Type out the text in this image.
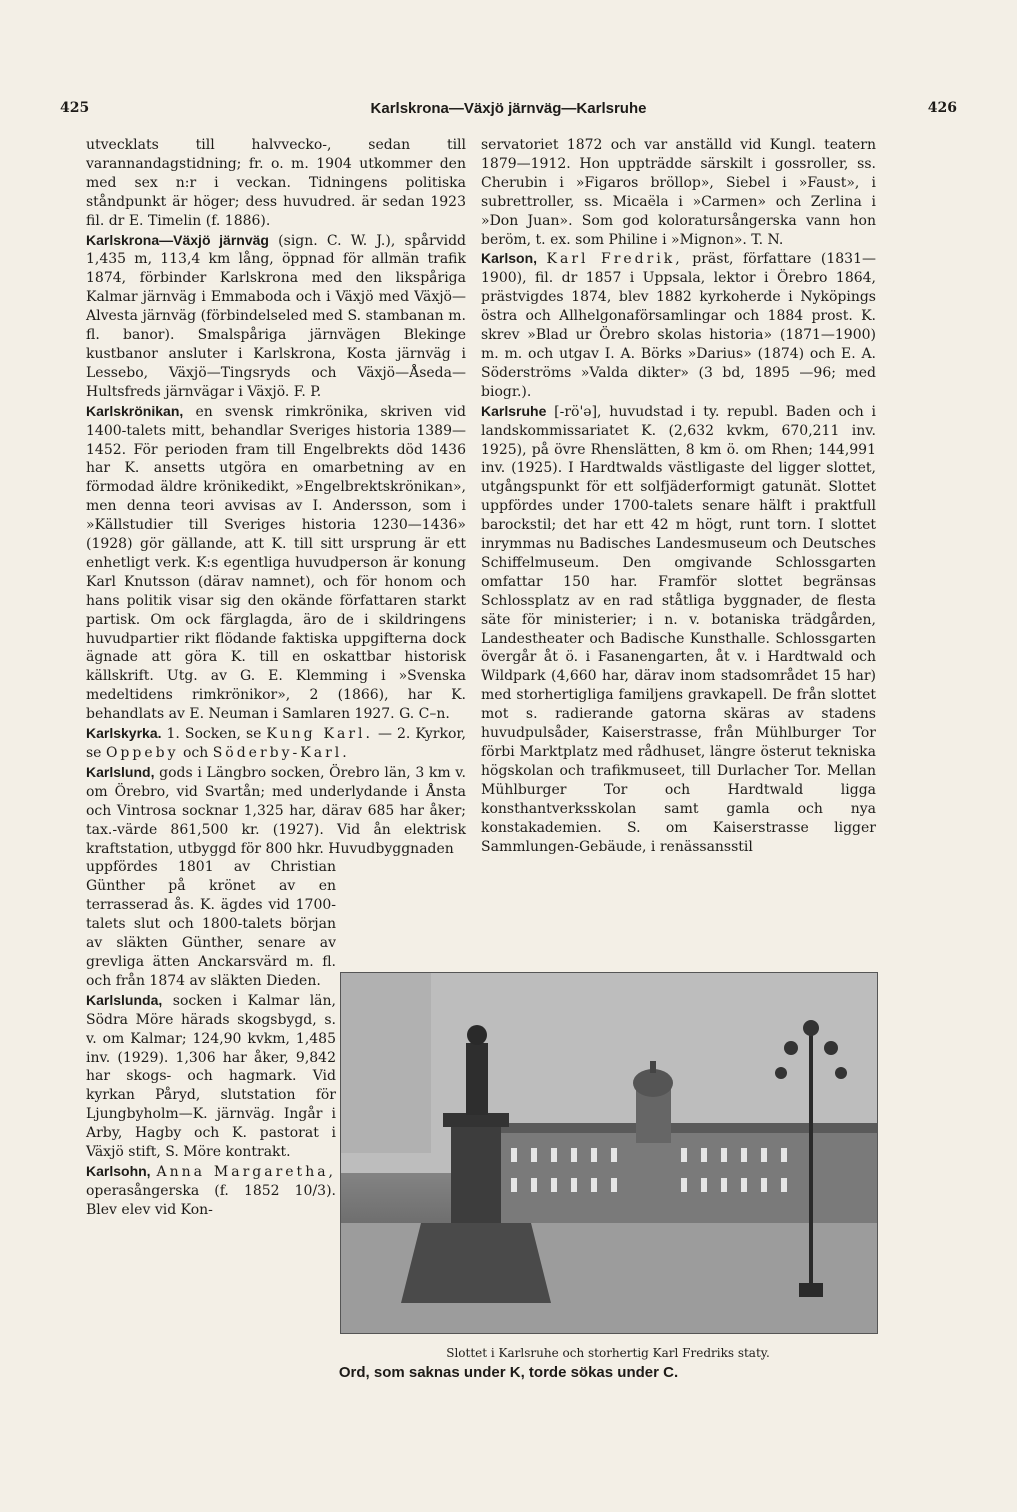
425	Karlskrona—Växjö järnväg—Karlsruhe	426

utvecklats till halvvecko-, sedan till varannandagstidning; fr. o. m. 1904 utkommer den med sex n:r i veckan. Tidningens politiska ståndpunkt är höger; dess huvudred. är sedan 1923 fil. dr E. Timelin (f. 1886).

Karlskrona—Växjö järnväg (sign. C. W. J.), spårvidd 1,435 m, 113,4 km lång, öppnad för allmän trafik 1874, förbinder Karlskrona med den likspåriga Kalmar järnväg i Emmaboda och i Växjö med Växjö—Alvesta järnväg (förbindelseled med S. stambanan m. fl. banor). Smalspåriga järnvägen Blekinge kustbanor ansluter i Karlskrona, Kosta järnväg i Lessebo, Växjö—Tingsryds och Växjö—Åseda—Hultsfreds järnvägar i Växjö. F. P.

Karlskrönikan, en svensk rimkrönika, skriven vid 1400-talets mitt, behandlar Sveriges historia 1389—1452. För perioden fram till Engelbrekts död 1436 har K. ansetts utgöra en omarbetning av en förmodad äldre krönikedikt, »Engelbrektskrönikan», men denna teori avvisas av I. Andersson, som i »Källstudier till Sveriges historia 1230—1436» (1928) gör gällande, att K. till sitt ursprung är ett enhetligt verk. K:s egentliga huvudperson är konung Karl Knutsson (därav namnet), och för honom och hans politik visar sig den okände författaren starkt partisk. Om ock färglagda, äro de i skildringens huvudpartier rikt flödande faktiska uppgifterna dock ägnade att göra K. till en oskattbar historisk källskrift. Utg. av G. E. Klemming i »Svenska medeltidens rimkrönikor», 2 (1866), har K. behandlats av E. Neuman i Samlaren 1927. G. C–n.

Karlskyrka. 1. Socken, se Kung Karl. — 2. Kyrkor, se Oppeby och Söderby-Karl.

Karlslund, gods i Längbro socken, Örebro län, 3 km v. om Örebro, vid Svartån; med underlydande i Ånsta och Vintrosa socknar 1,325 har, därav 685 har åker; tax.-värde 861,500 kr. (1927). Vid ån elektrisk kraftstation, utbyggd för 800 hkr. Huvudbyggnaden

uppfördes 1801 av Christian Günther på krönet av en terrasserad ås. K. ägdes vid 1700-talets slut och 1800-talets början av släkten Günther, senare av grevliga ätten Anckarsvärd m. fl. och från 1874 av släkten Dieden.

Karlslunda, socken i Kalmar län, Södra Möre härads skogsbygd, s. v. om Kalmar; 124,90 kvkm, 1,485 inv. (1929). 1,306 har åker, 9,842 har skogs- och hagmark. Vid kyrkan Påryd, slutstation för Ljungbyholm—K. järnväg. Ingår i Arby, Hagby och K. pastorat i Växjö stift, S. Möre kontrakt.

Karlsohn, Anna Margaretha, operasångerska (f. 1852 10/3). Blev elev vid Kon-

servatoriet 1872 och var anställd vid Kungl. teatern 1879—1912. Hon uppträdde särskilt i gossroller, ss. Cherubin i »Figaros bröllop», Siebel i »Faust», i subrettroller, ss. Micaëla i »Carmen» och Zerlina i »Don Juan». Som god koloratursångerska vann hon beröm, t. ex. som Philine i »Mignon». T. N.

Karlson, Karl Fredrik, präst, författare (1831—1900), fil. dr 1857 i Uppsala, lektor i Örebro 1864, prästvigdes 1874, blev 1882 kyrkoherde i Nyköpings östra och Allhelgonaförsamlingar och 1884 prost. K. skrev »Blad ur Örebro skolas historia» (1871—1900) m. m. och utgav I. A. Börks »Darius» (1874) och E. A. Söderströms »Valda dikter» (3 bd, 1895 —96; med biogr.).

Karlsruhe [-rö'ə], huvudstad i ty. republ. Baden och i landskommissariatet K. (2,632 kvkm, 670,211 inv. 1925), på övre Rhenslätten, 8 km ö. om Rhen; 144,991 inv. (1925). I Hardtwalds västligaste del ligger slottet, utgångspunkt för ett solfjäderformigt gatunät. Slottet uppfördes under 1700-talets senare hälft i praktfull barockstil; det har ett 42 m högt, runt torn. I slottet inrymmas nu Badisches Landesmuseum och Deutsches Schiffelmuseum. Den omgivande Schlossgarten omfattar 150 har. Framför slottet begränsas Schlossplatz av en rad ståtliga byggnader, de flesta säte för ministerier; i n. v. botaniska trädgården, Landestheater och Badische Kunsthalle. Schlossgarten övergår åt ö. i Fasanengarten, åt v. i Hardtwald och Wildpark (4,660 har, därav inom stadsområdet 15 har) med storhertigliga familjens gravkapell. De från slottet mot s. radierande gatorna skäras av stadens huvudpulsåder, Kaiserstrasse, från Mühlburger Tor förbi Marktplatz med rådhuset, längre österut tekniska högskolan och trafikmuseet, till Durlacher Tor. Mellan Mühlburger Tor och Hardtwald ligga konsthantverksskolan samt gamla och nya konstakademien. S. om Kaiserstrasse ligger Sammlungen-Gebäude, i renässansstil

Slottet i Karlsruhe och storhertig Karl Fredriks staty.
Ord, som saknas under K, torde sökas under C.
